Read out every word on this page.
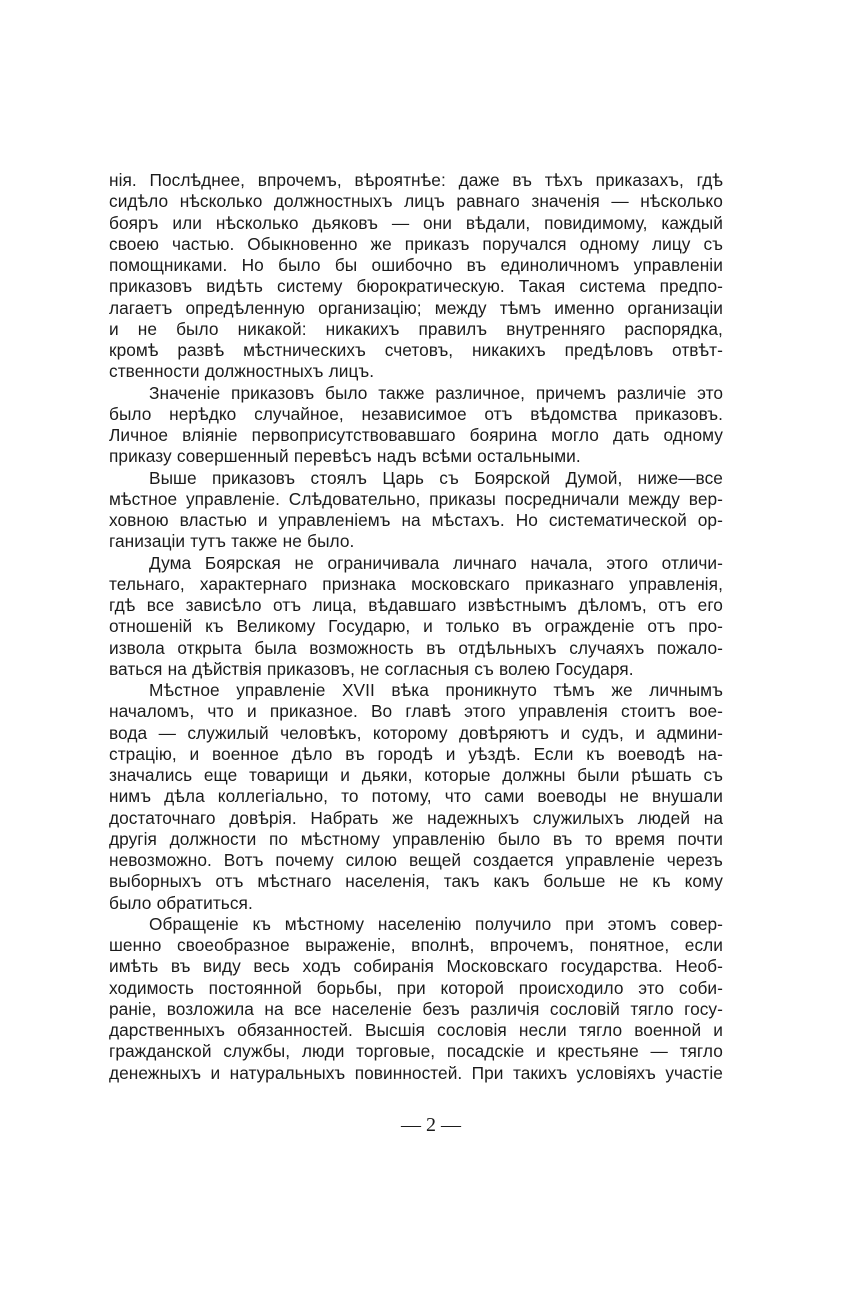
нія. Послѣднее, впрочемъ, вѣроятнѣе: даже въ тѣхъ приказахъ, гдѣ
сидѣло нѣсколько должностныхъ лицъ равнаго значенія — нѣсколько
бояръ или нѣсколько дьяковъ — они вѣдали, повидимому, каждый
своею частью. Обыкновенно же приказъ поручался одному лицу съ
помощниками. Но было бы ошибочно въ единоличномъ управленіи
приказовъ видѣть систему бюрократическую. Такая система предпо-
лагаетъ опредѣленную организацію; между тѣмъ именно организаціи
и не было никакой: никакихъ правилъ внутренняго распорядка,
кромѣ развѣ мѣстническихъ счетовъ, никакихъ предѣловъ отвѣт-
ственности должностныхъ лицъ.
Значеніе приказовъ было также различное, причемъ различіе это
было нерѣдко случайное, независимое отъ вѣдомства приказовъ.
Личное вліяніе первоприсутствовавшаго боярина могло дать одному
приказу совершенный перевѣсъ надъ всѣми остальными.
Выше приказовъ стоялъ Царь съ Боярской Думой, ниже—все
мѣстное управленіе. Слѣдовательно, приказы посредничали между вер-
ховною властью и управленіемъ на мѣстахъ. Но систематической ор-
ганизаціи тутъ также не было.
Дума Боярская не ограничивала личнаго начала, этого отличи-
тельнаго, характернаго признака московскаго приказнаго управленія,
гдѣ все зависѣло отъ лица, вѣдавшаго извѣстнымъ дѣломъ, отъ его
отношеній къ Великому Государю, и только въ огражденіе отъ про-
извола открыта была возможность въ отдѣльныхъ случаяхъ пожало-
ваться на дѣйствія приказовъ, не согласныя съ волею Государя.
Мѣстное управленіе XVII вѣка проникнуто тѣмъ же личнымъ
началомъ, что и приказное. Во главѣ этого управленія стоитъ вое-
вода — служилый человѣкъ, которому довѣряютъ и судъ, и админи-
страцію, и военное дѣло въ городѣ и уѣздѣ. Если къ воеводѣ на-
значались еще товарищи и дьяки, которые должны были рѣшать съ
нимъ дѣла коллегіально, то потому, что сами воеводы не внушали
достаточнаго довѣрія. Набрать же надежныхъ служилыхъ людей на
другія должности по мѣстному управленію было въ то время почти
невозможно. Вотъ почему силою вещей создается управленіе черезъ
выборныхъ отъ мѣстнаго населенія, такъ какъ больше не къ кому
было обратиться.
Обращеніе къ мѣстному населенію получило при этомъ совер-
шенно своеобразное выраженіе, вполнѣ, впрочемъ, понятное, если
имѣть въ виду весь ходъ собиранія Московскаго государства. Необ-
ходимость постоянной борьбы, при которой происходило это соби-
раніе, возложила на все населеніе безъ различія сословій тягло госу-
дарственныхъ обязанностей. Высшія сословія несли тягло военной и
гражданской службы, люди торговые, посадскіе и крестьяне — тягло
денежныхъ и натуральныхъ повинностей. При такихъ условіяхъ участіе
— 2 —
